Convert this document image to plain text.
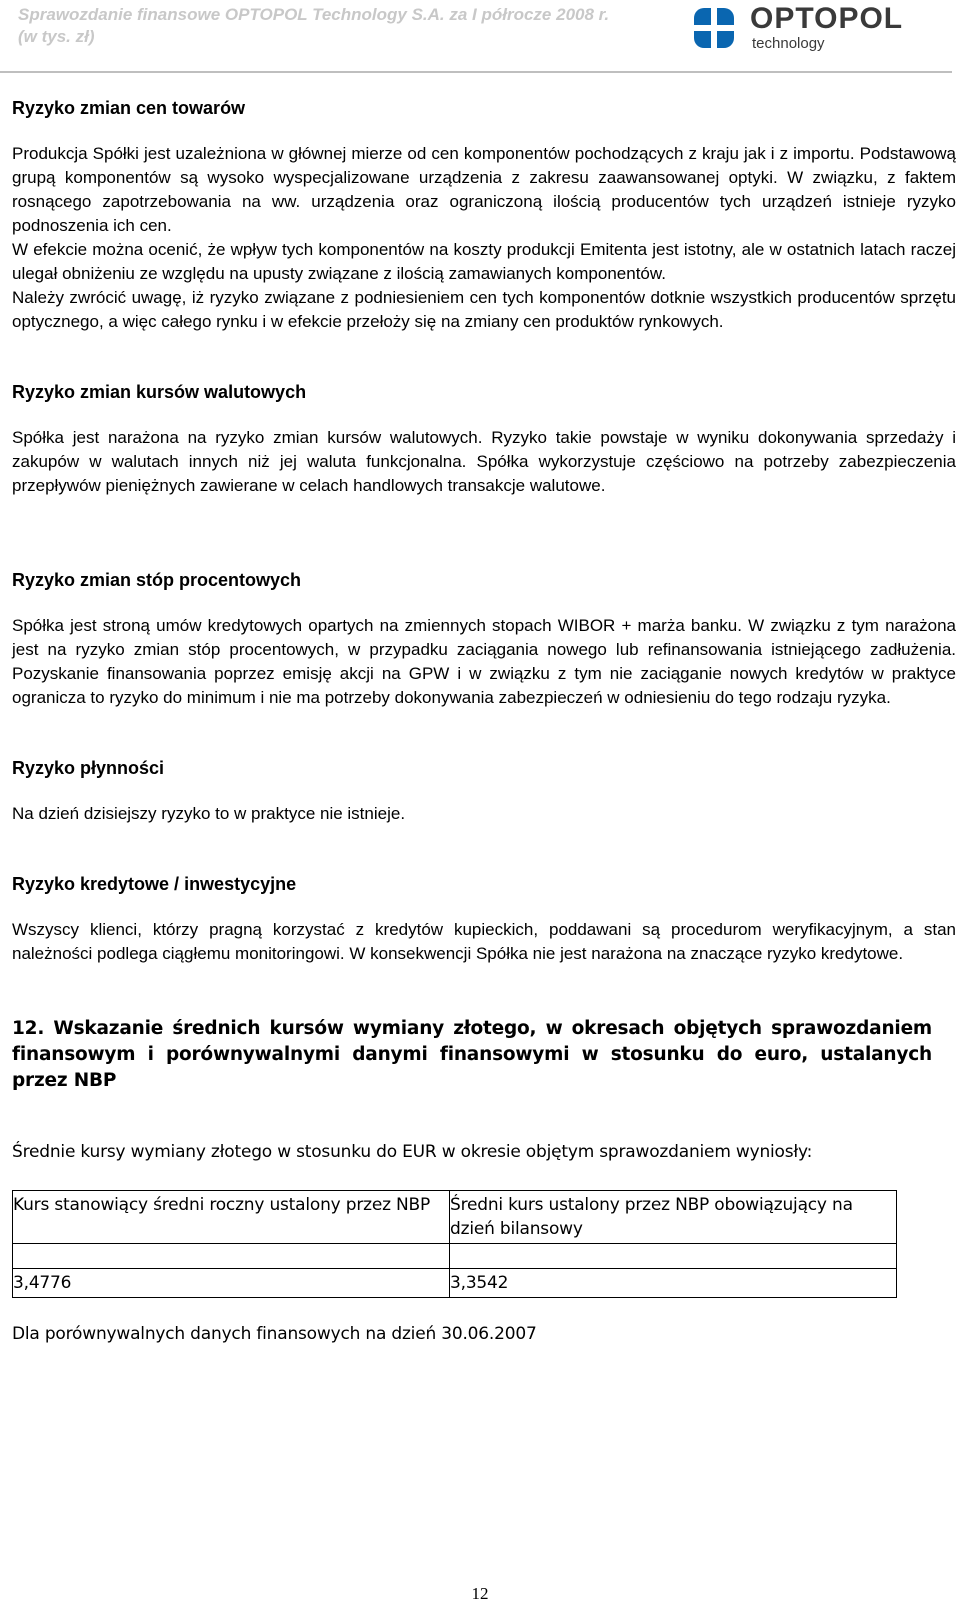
Sprawozdanie finansowe OPTOPOL Technology S.A. za I półrocze 2008 r.
(w tys. zł)
OPTOPOL
technology
Ryzyko zmian cen towarów

Produkcja Spółki jest uzależniona w głównej mierze od cen komponentów pochodzących z kraju jak i z importu. Podstawową grupą komponentów są wysoko wyspecjalizowane urządzenia z zakresu zaawansowanej optyki. W związku, z faktem rosnącego zapotrzebowania na ww. urządzenia oraz ograniczoną ilością producentów tych urządzeń istnieje ryzyko podnoszenia ich cen.

W efekcie można ocenić, że wpływ tych komponentów na koszty produkcji Emitenta jest istotny, ale w ostatnich latach raczej ulegał obniżeniu ze względu na upusty związane z ilością zamawianych komponentów.

Należy zwrócić uwagę, iż ryzyko związane z podniesieniem cen tych komponentów dotknie wszystkich producentów sprzętu optycznego, a więc całego rynku i w efekcie przełoży się na zmiany cen produktów rynkowych.

Ryzyko zmian kursów walutowych

Spółka jest narażona na ryzyko zmian kursów walutowych. Ryzyko takie powstaje w wyniku dokonywania sprzedaży i zakupów w walutach innych niż jej waluta funkcjonalna. Spółka wykorzystuje częściowo na potrzeby zabezpieczenia przepływów pieniężnych zawierane w celach handlowych transakcje walutowe.

Ryzyko zmian stóp procentowych

Spółka jest stroną umów kredytowych opartych na zmiennych stopach WIBOR + marża banku. W związku z tym narażona jest na ryzyko zmian stóp procentowych, w przypadku zaciągania nowego lub refinansowania istniejącego zadłużenia. Pozyskanie finansowania poprzez emisję akcji na GPW i w związku z tym nie zaciąganie nowych kredytów w praktyce ogranicza to ryzyko do minimum i nie ma potrzeby dokonywania zabezpieczeń w odniesieniu do tego rodzaju ryzyka.

Ryzyko płynności

Na dzień dzisiejszy ryzyko to w praktyce nie istnieje.

Ryzyko kredytowe / inwestycyjne

Wszyscy klienci, którzy pragną korzystać z kredytów kupieckich, poddawani są procedurom weryfikacyjnym, a stan należności podlega ciągłemu monitoringowi. W konsekwencji Spółka nie jest narażona na znaczące ryzyko kredytowe.

12. Wskazanie średnich kursów wymiany złotego, w okresach objętych sprawozdaniem finansowym i porównywalnymi danymi finansowymi w stosunku do euro, ustalanych przez NBP

Średnie kursy wymiany złotego w stosunku do EUR w okresie objętym sprawozdaniem wyniosły:

Kurs stanowiący średni roczny ustalony przez NBP	Średni kurs ustalony przez NBP obowiązujący na dzień bilansowy

3,4776	3,3542

Dla porównywalnych danych finansowych na dzień 30.06.2007

12
